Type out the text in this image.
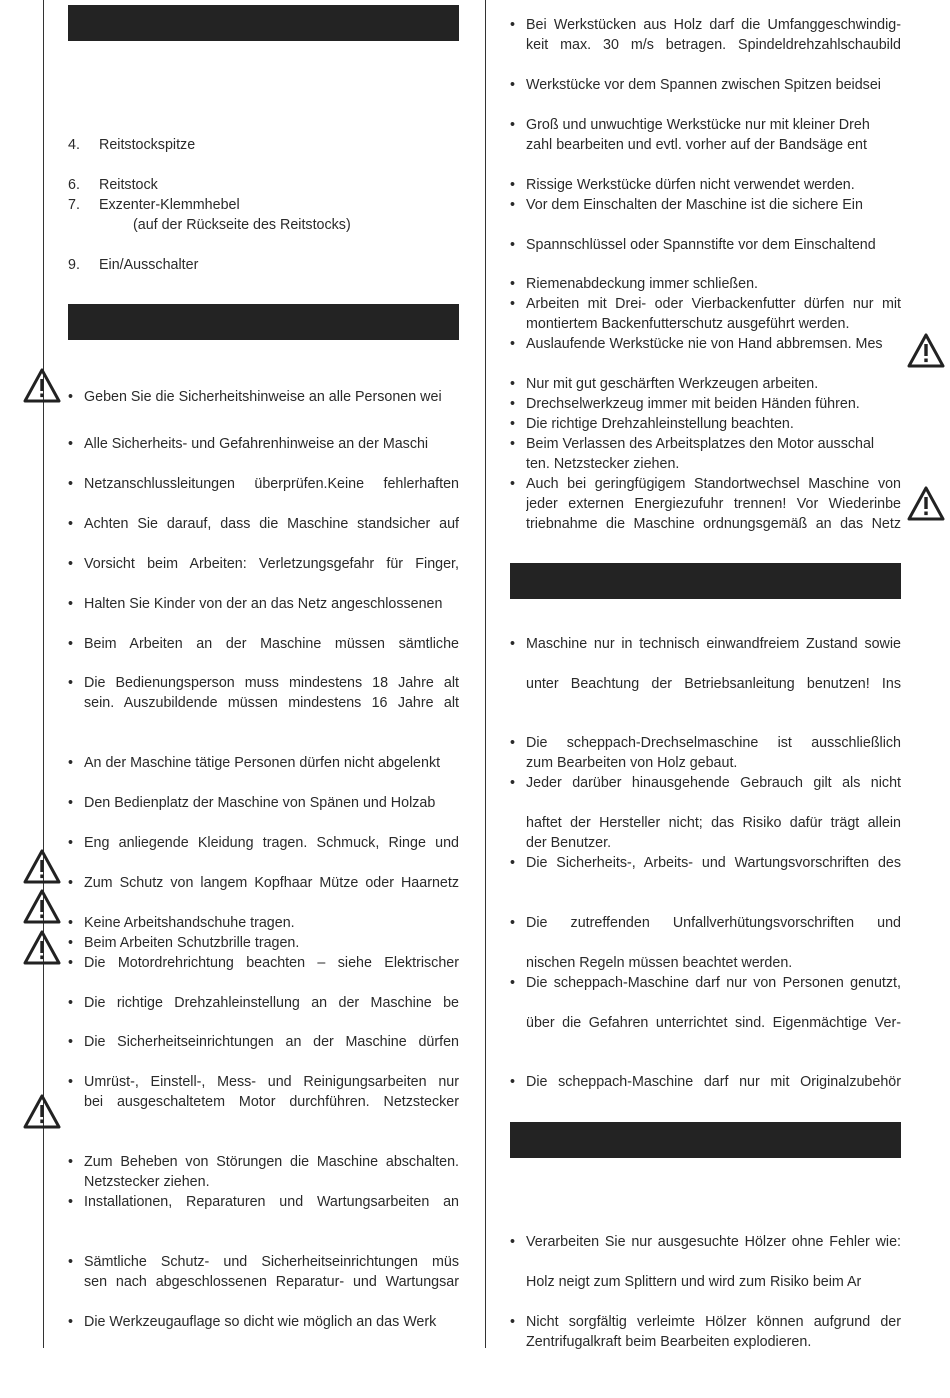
4. Reitstockspitze
6. Reitstock
7. Exzenter-Klemmhebel
(auf der Rückseite des Reitstocks)
9. Ein/Ausschalter
• Geben Sie die Sicherheitshinweise an alle Personen wei
• Alle Sicherheits- und Gefahrenhinweise an der Maschi
• Netzanschlussleitungen überprüfen.Keine fehlerhaften
• Achten Sie darauf, dass die Maschine standsicher auf
• Vorsicht beim Arbeiten: Verletzungsgefahr für Finger,
• Halten Sie Kinder von der an das Netz angeschlossenen
• Beim Arbeiten an der Maschine müssen sämtliche
• Die Bedienungsperson muss mindestens 18 Jahre alt
sein. Auszubildende müssen mindestens 16 Jahre alt
• An der Maschine tätige Personen dürfen nicht abgelenkt
• Den Bedienplatz der Maschine von Spänen und Holzab
• Eng anliegende Kleidung tragen. Schmuck, Ringe und
• Zum Schutz von langem Kopfhaar Mütze oder Haarnetz
• Keine Arbeitshandschuhe tragen.
• Beim Arbeiten Schutzbrille tragen.
• Die Motordrehrichtung beachten – siehe Elektrischer
• Die richtige Drehzahleinstellung an der Maschine be
• Die Sicherheitseinrichtungen an der Maschine dürfen
• Umrüst-, Einstell-, Mess- und Reinigungsarbeiten nur
bei ausgeschaltetem Motor durchführen. Netzstecker
• Zum Beheben von Störungen die Maschine abschalten.
Netzstecker ziehen.
• Installationen, Reparaturen und Wartungsarbeiten an
• Sämtliche Schutz- und Sicherheitseinrichtungen müs
sen nach abgeschlossenen Reparatur- und Wartungsar
• Die Werkzeugauflage so dicht wie möglich an das Werk
• Bei Werkstücken aus Holz darf die Umfanggeschwindig-
keit max. 30 m/s betragen. Spindeldrehzahlschaubild
• Werkstücke vor dem Spannen zwischen Spitzen beidsei
• Groß und unwuchtige Werkstücke nur mit kleiner Dreh
zahl bearbeiten und evtl. vorher auf der Bandsäge ent
• Rissige Werkstücke dürfen nicht verwendet werden.
• Vor dem Einschalten der Maschine ist die sichere Ein
• Spannschlüssel oder Spannstifte vor dem Einschaltend
• Riemenabdeckung immer schließen.
• Arbeiten mit Drei- oder Vierbackenfutter dürfen nur mit
montiertem Backenfutterschutz ausgeführt werden.
• Auslaufende Werkstücke nie von Hand abbremsen. Mes
• Nur mit gut geschärften Werkzeugen arbeiten.
• Drechselwerkzeug immer mit beiden Händen führen.
• Die richtige Drehzahleinstellung beachten.
• Beim Verlassen des Arbeitsplatzes den Motor ausschal
ten. Netzstecker ziehen.
• Auch bei geringfügigem Standortwechsel Maschine von
jeder externen Energiezufuhr trennen! Vor Wiederinbe
triebnahme die Maschine ordnungsgemäß an das Netz
• Maschine nur in technisch einwandfreiem Zustand sowie
unter Beachtung der Betriebsanleitung benutzen! Ins
• Die scheppach-Drechselmaschine ist ausschließlich
zum Bearbeiten von Holz gebaut.
• Jeder darüber hinausgehende Gebrauch gilt als nicht
haftet der Hersteller nicht; das Risiko dafür trägt allein
der Benutzer.
• Die Sicherheits-, Arbeits- und Wartungsvorschriften des
• Die zutreffenden Unfallverhütungsvorschriften und
nischen Regeln müssen beachtet werden.
• Die scheppach-Maschine darf nur von Personen genutzt,
über die Gefahren unterrichtet sind. Eigenmächtige Ver-
• Die scheppach-Maschine darf nur mit Originalzubehör
• Verarbeiten Sie nur ausgesuchte Hölzer ohne Fehler wie:
Holz neigt zum Splittern und wird zum Risiko beim Ar
• Nicht sorgfältig verleimte Hölzer können aufgrund der
Zentrifugalkraft beim Bearbeiten explodieren.
